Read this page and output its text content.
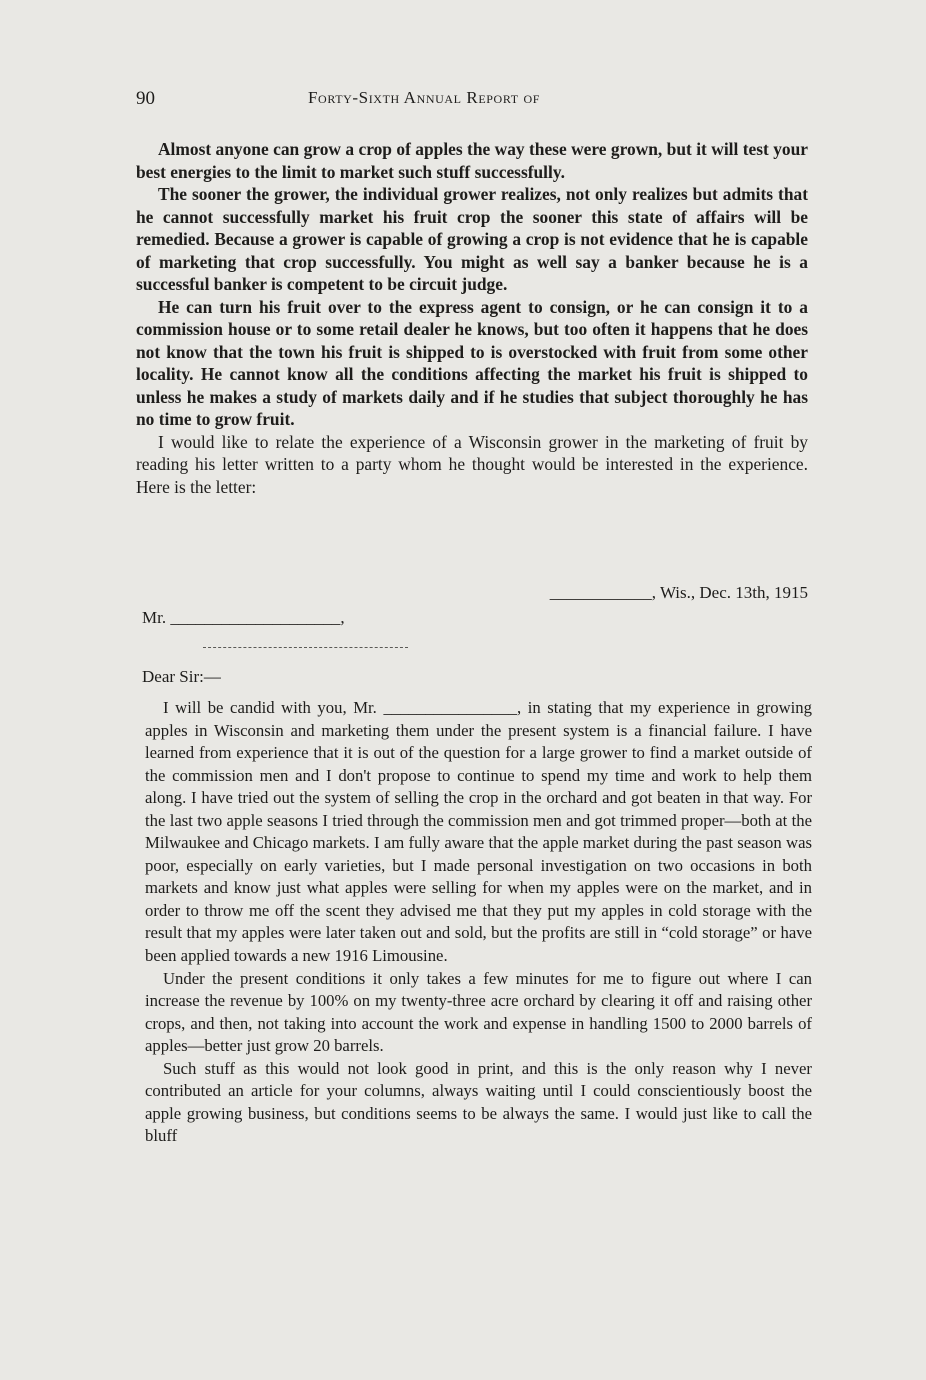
90	Forty-Sixth Annual Report of

Almost anyone can grow a crop of apples the way these were grown, but it will test your best energies to the limit to market such stuff successfully.

The sooner the grower, the individual grower realizes, not only realizes but admits that he cannot successfully market his fruit crop the sooner this state of affairs will be remedied. Because a grower is capable of growing a crop is not evidence that he is capable of marketing that crop successfully. You might as well say a banker because he is a successful banker is competent to be circuit judge.

He can turn his fruit over to the express agent to consign, or he can consign it to a commission house or to some retail dealer he knows, but too often it happens that he does not know that the town his fruit is shipped to is overstocked with fruit from some other locality. He cannot know all the conditions affecting the market his fruit is shipped to unless he makes a study of markets daily and if he studies that subject thoroughly he has no time to grow fruit.

I would like to relate the experience of a Wisconsin grower in the marketing of fruit by reading his letter written to a party whom he thought would be interested in the experience. Here is the letter:

____________, Wis., Dec. 13th, 1915
Mr. ____________________,
Dear Sir:—

I will be candid with you, Mr. ________________, in stating that my experience in growing apples in Wisconsin and marketing them under the present system is a financial failure. I have learned from experience that it is out of the question for a large grower to find a market outside of the commission men and I don't propose to continue to spend my time and work to help them along. I have tried out the system of selling the crop in the orchard and got beaten in that way. For the last two apple seasons I tried through the commission men and got trimmed proper—both at the Milwaukee and Chicago markets. I am fully aware that the apple market during the past season was poor, especially on early varieties, but I made personal investigation on two occasions in both markets and know just what apples were selling for when my apples were on the market, and in order to throw me off the scent they advised me that they put my apples in cold storage with the result that my apples were later taken out and sold, but the profits are still in “cold storage” or have been applied towards a new 1916 Limousine.

Under the present conditions it only takes a few minutes for me to figure out where I can increase the revenue by 100% on my twenty-three acre orchard by clearing it off and raising other crops, and then, not taking into account the work and expense in handling 1500 to 2000 barrels of apples—better just grow 20 barrels.

Such stuff as this would not look good in print, and this is the only reason why I never contributed an article for your columns, always waiting until I could conscientiously boost the apple growing business, but conditions seems to be always the same. I would just like to call the bluff
